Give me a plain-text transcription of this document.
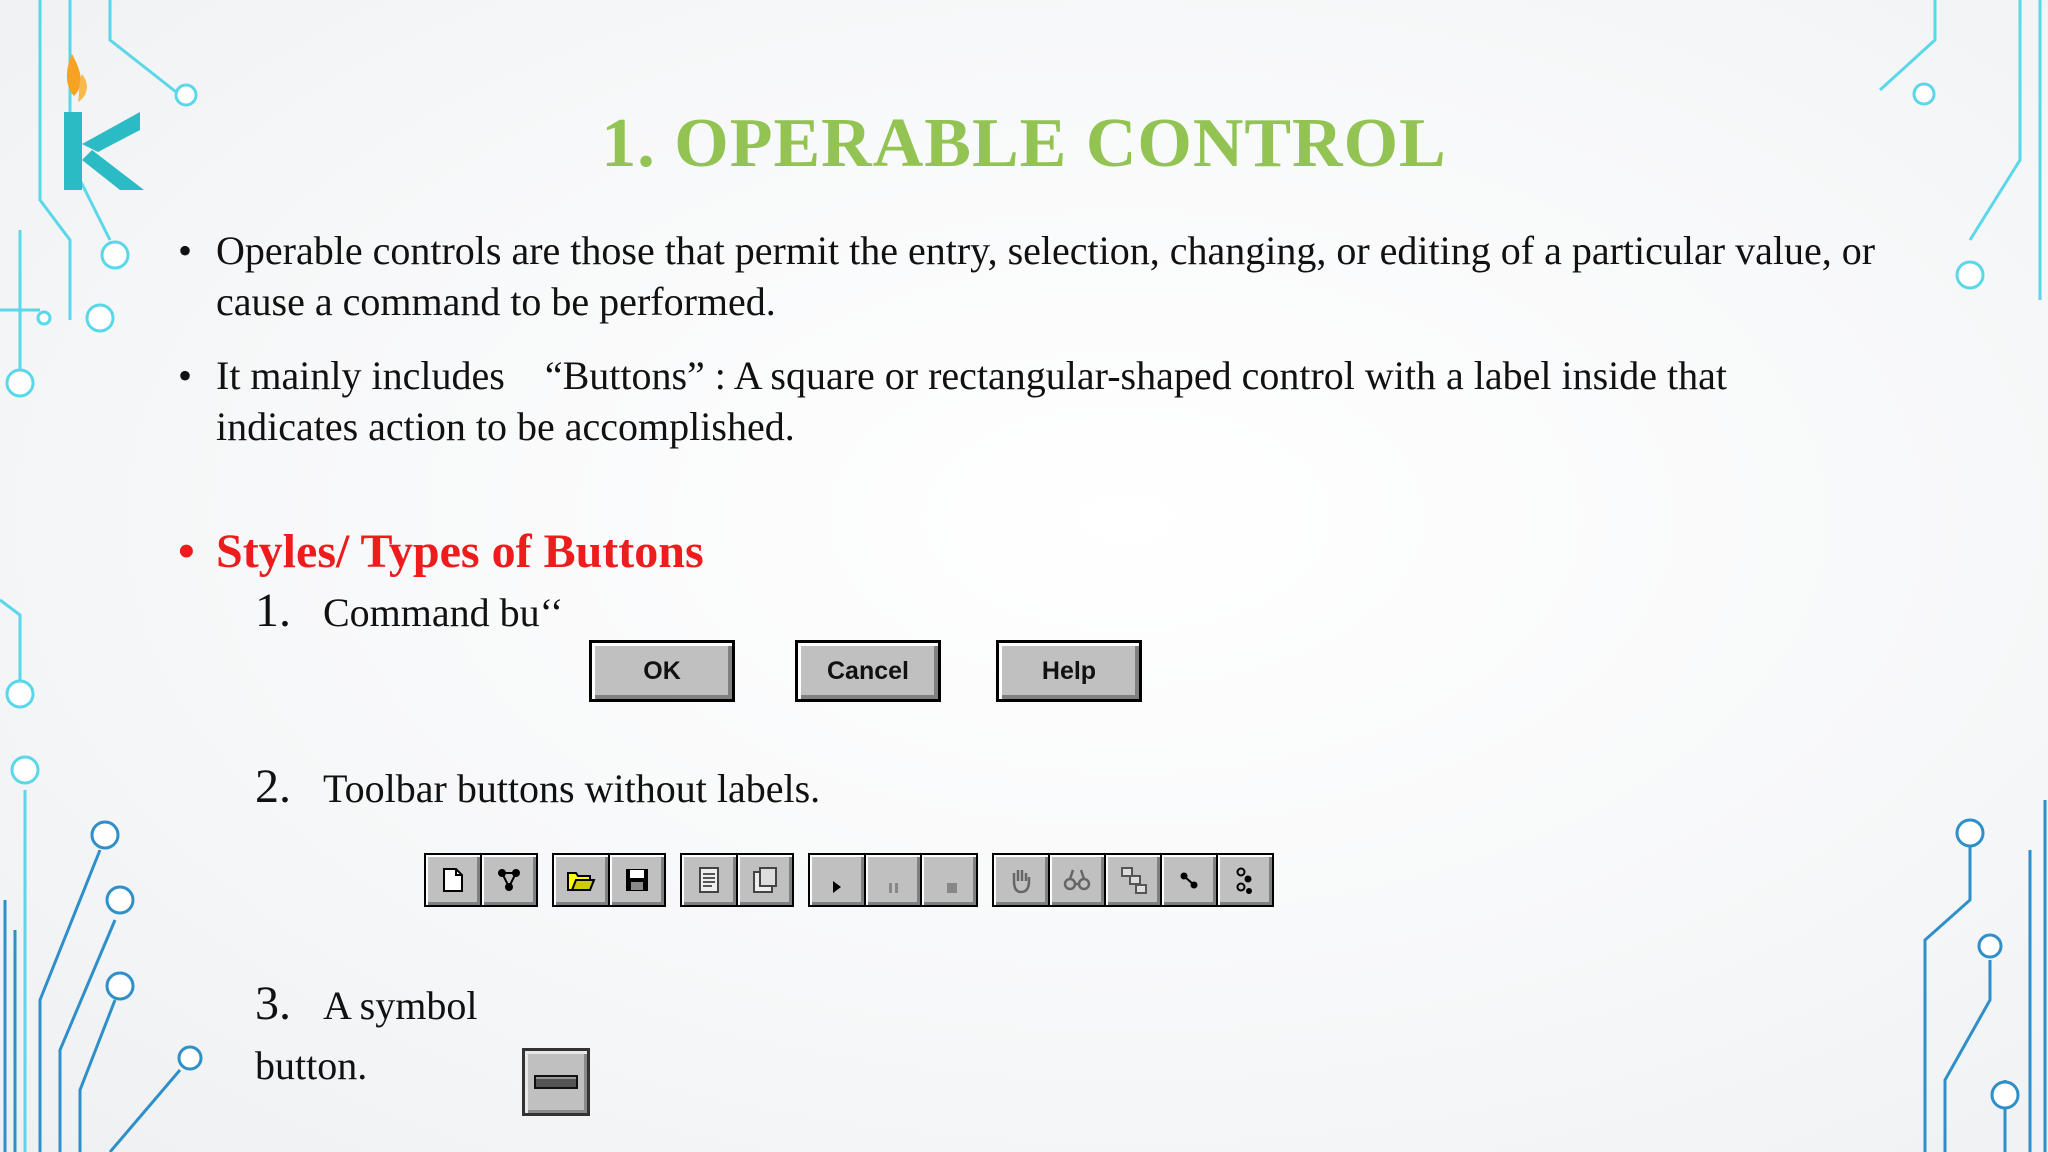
1. OPERABLE CONTROL
• Operable controls are those that permit the entry, selection, changing, or editing of a particular value, or cause a command to be performed.
• It mainly includes    “Buttons” : A square or rectangular-shaped control with a label inside that
indicates action to be accomplished.
• Styles/ Types of Buttons
1. Command bu‘‘
OK	Cancel	Help
2. Toolbar buttons without labels.
3. A symbol
button.
